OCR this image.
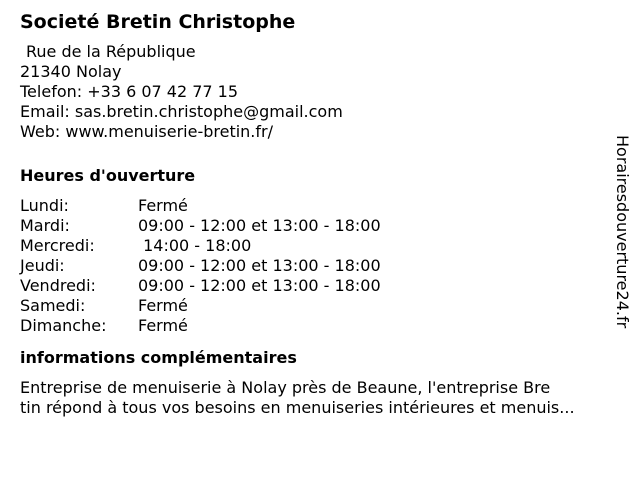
Societé Bretin Christophe
Rue de la République
21340 Nolay
Telefon: +33 6 07 42 77 15
Email: sas.bretin.christophe@gmail.com
Web: www.menuiserie-bretin.fr/
Heures d'ouverture
Lundi:	Fermé
Mardi:	09:00 - 12:00 et 13:00 - 18:00
Mercredi:	14:00 - 18:00
Jeudi:	09:00 - 12:00 et 13:00 - 18:00
Vendredi:	09:00 - 12:00 et 13:00 - 18:00
Samedi:	Fermé
Dimanche:	Fermé
informations complémentaires
Entreprise de menuiserie à Nolay près de Beaune, l'entreprise Bre
tin répond à tous vos besoins en menuiseries intérieures et menuis...
Horairesdouverture24.fr
